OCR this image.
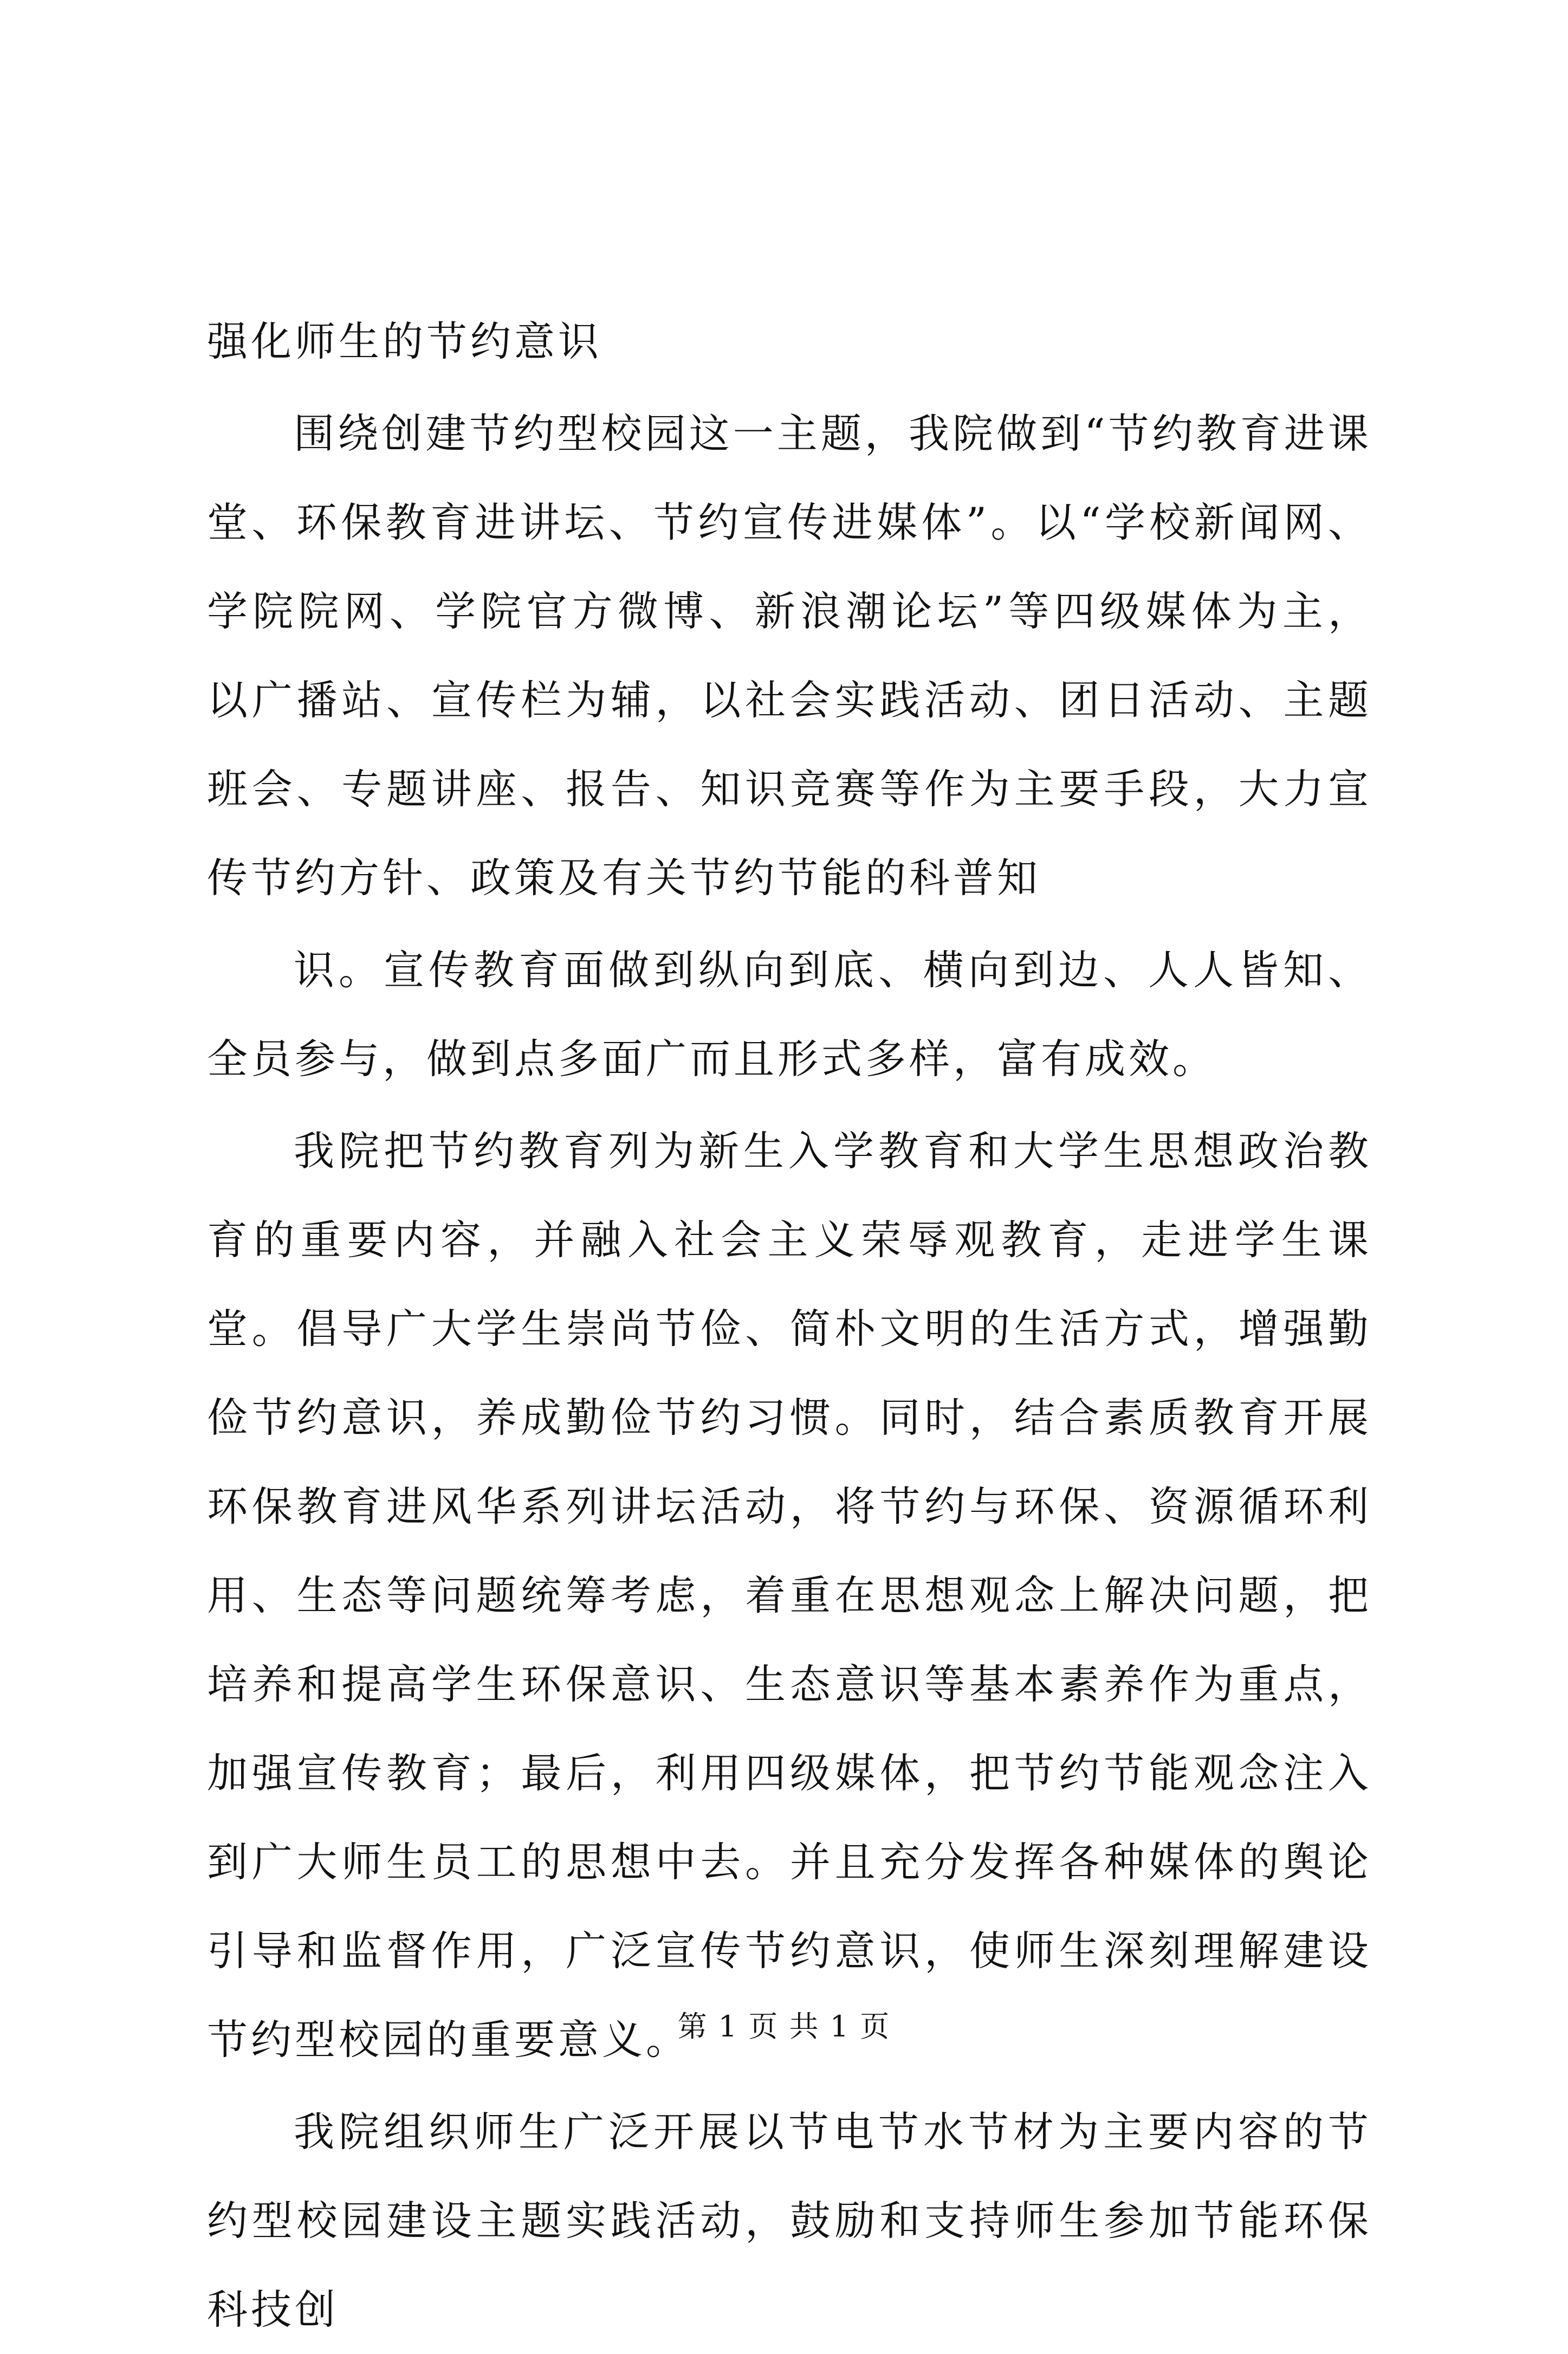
强化师生的节约意识

围绕创建节约型校园这一主题，我院做到“节约教育进课堂、环保教育进讲坛、节约宣传进媒体”。以“学校新闻网、学院院网、学院官方微博、新浪潮论坛”等四级媒体为主，以广播站、宣传栏为辅，以社会实践活动、团日活动、主题班会、专题讲座、报告、知识竞赛等作为主要手段，大力宣传节约方针、政策及有关节约节能的科普知

识。宣传教育面做到纵向到底、横向到边、人人皆知、全员参与，做到点多面广而且形式多样，富有成效。

我院把节约教育列为新生入学教育和大学生思想政治教育的重要内容，并融入社会主义荣辱观教育，走进学生课堂。倡导广大学生崇尚节俭、简朴文明的生活方式，增强勤俭节约意识，养成勤俭节约习惯。同时，结合素质教育开展环保教育进风华系列讲坛活动，将节约与环保、资源循环利用、生态等问题统筹考虑，着重在思想观念上解决问题，把培养和提高学生环保意识、生态意识等基本素养作为重点，加强宣传教育；最后，利用四级媒体，把节约节能观念注入到广大师生员工的思想中去。并且充分发挥各种媒体的舆论引导和监督作用，广泛宣传节约意识，使师生深刻理解建设节约型校园的重要意义。

我院组织师生广泛开展以节电节水节材为主要内容的节约型校园建设主题实践活动，鼓励和支持师生参加节能环保科技创

第 1 页 共 1 页
